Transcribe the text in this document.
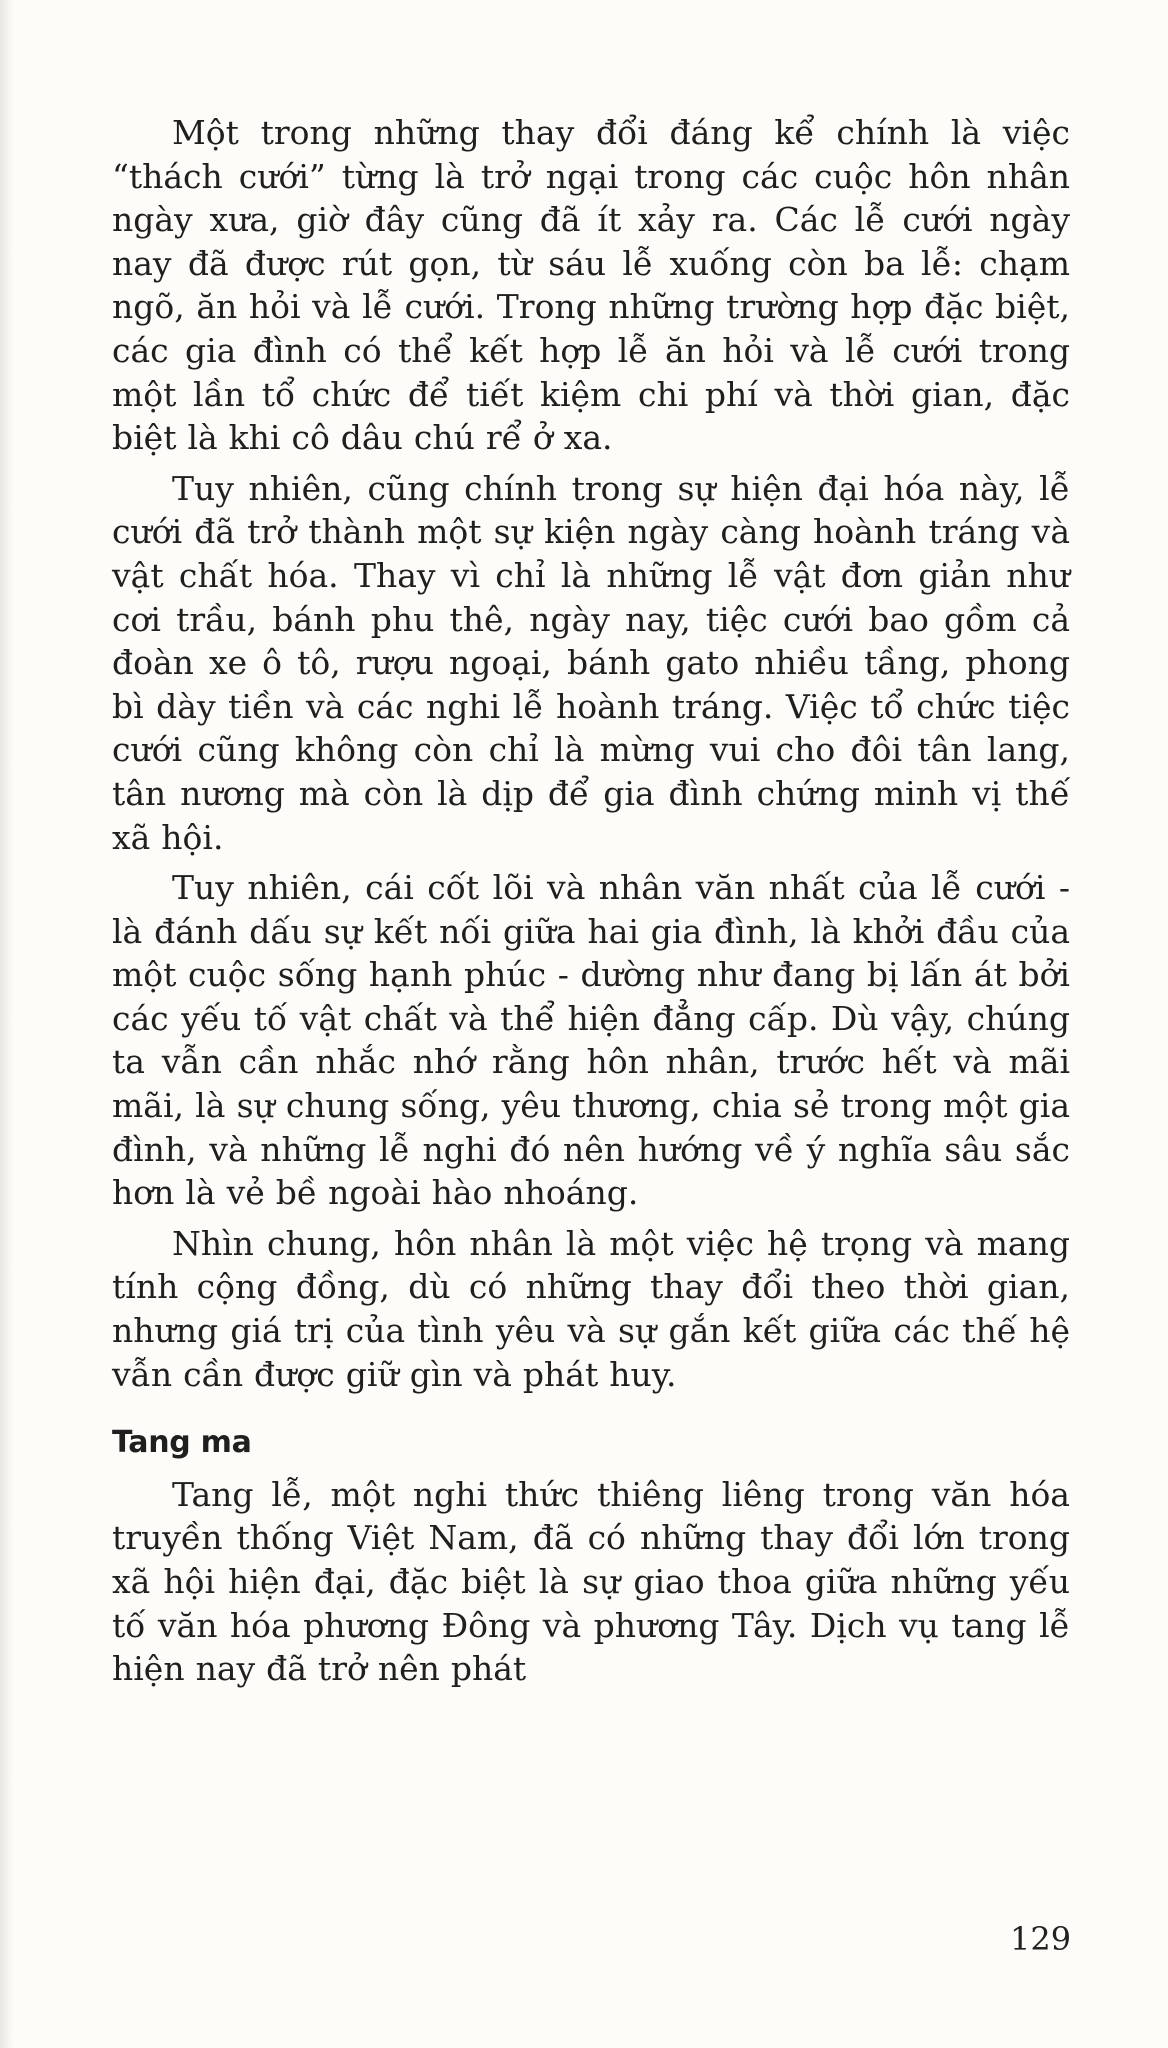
Một trong những thay đổi đáng kể chính là việc “thách cưới” từng là trở ngại trong các cuộc hôn nhân ngày xưa, giờ đây cũng đã ít xảy ra. Các lễ cưới ngày nay đã được rút gọn, từ sáu lễ xuống còn ba lễ: chạm ngõ, ăn hỏi và lễ cưới. Trong những trường hợp đặc biệt, các gia đình có thể kết hợp lễ ăn hỏi và lễ cưới trong một lần tổ chức để tiết kiệm chi phí và thời gian, đặc biệt là khi cô dâu chú rể ở xa.

Tuy nhiên, cũng chính trong sự hiện đại hóa này, lễ cưới đã trở thành một sự kiện ngày càng hoành tráng và vật chất hóa. Thay vì chỉ là những lễ vật đơn giản như cơi trầu, bánh phu thê, ngày nay, tiệc cưới bao gồm cả đoàn xe ô tô, rượu ngoại, bánh gato nhiều tầng, phong bì dày tiền và các nghi lễ hoành tráng. Việc tổ chức tiệc cưới cũng không còn chỉ là mừng vui cho đôi tân lang, tân nương mà còn là dịp để gia đình chứng minh vị thế xã hội.

Tuy nhiên, cái cốt lõi và nhân văn nhất của lễ cưới - là đánh dấu sự kết nối giữa hai gia đình, là khởi đầu của một cuộc sống hạnh phúc - dường như đang bị lấn át bởi các yếu tố vật chất và thể hiện đẳng cấp. Dù vậy, chúng ta vẫn cần nhắc nhớ rằng hôn nhân, trước hết và mãi mãi, là sự chung sống, yêu thương, chia sẻ trong một gia đình, và những lễ nghi đó nên hướng về ý nghĩa sâu sắc hơn là vẻ bề ngoài hào nhoáng.

Nhìn chung, hôn nhân là một việc hệ trọng và mang tính cộng đồng, dù có những thay đổi theo thời gian, nhưng giá trị của tình yêu và sự gắn kết giữa các thế hệ vẫn cần được giữ gìn và phát huy.

Tang ma

Tang lễ, một nghi thức thiêng liêng trong văn hóa truyền thống Việt Nam, đã có những thay đổi lớn trong xã hội hiện đại, đặc biệt là sự giao thoa giữa những yếu tố văn hóa phương Đông và phương Tây. Dịch vụ tang lễ hiện nay đã trở nên phát

129
